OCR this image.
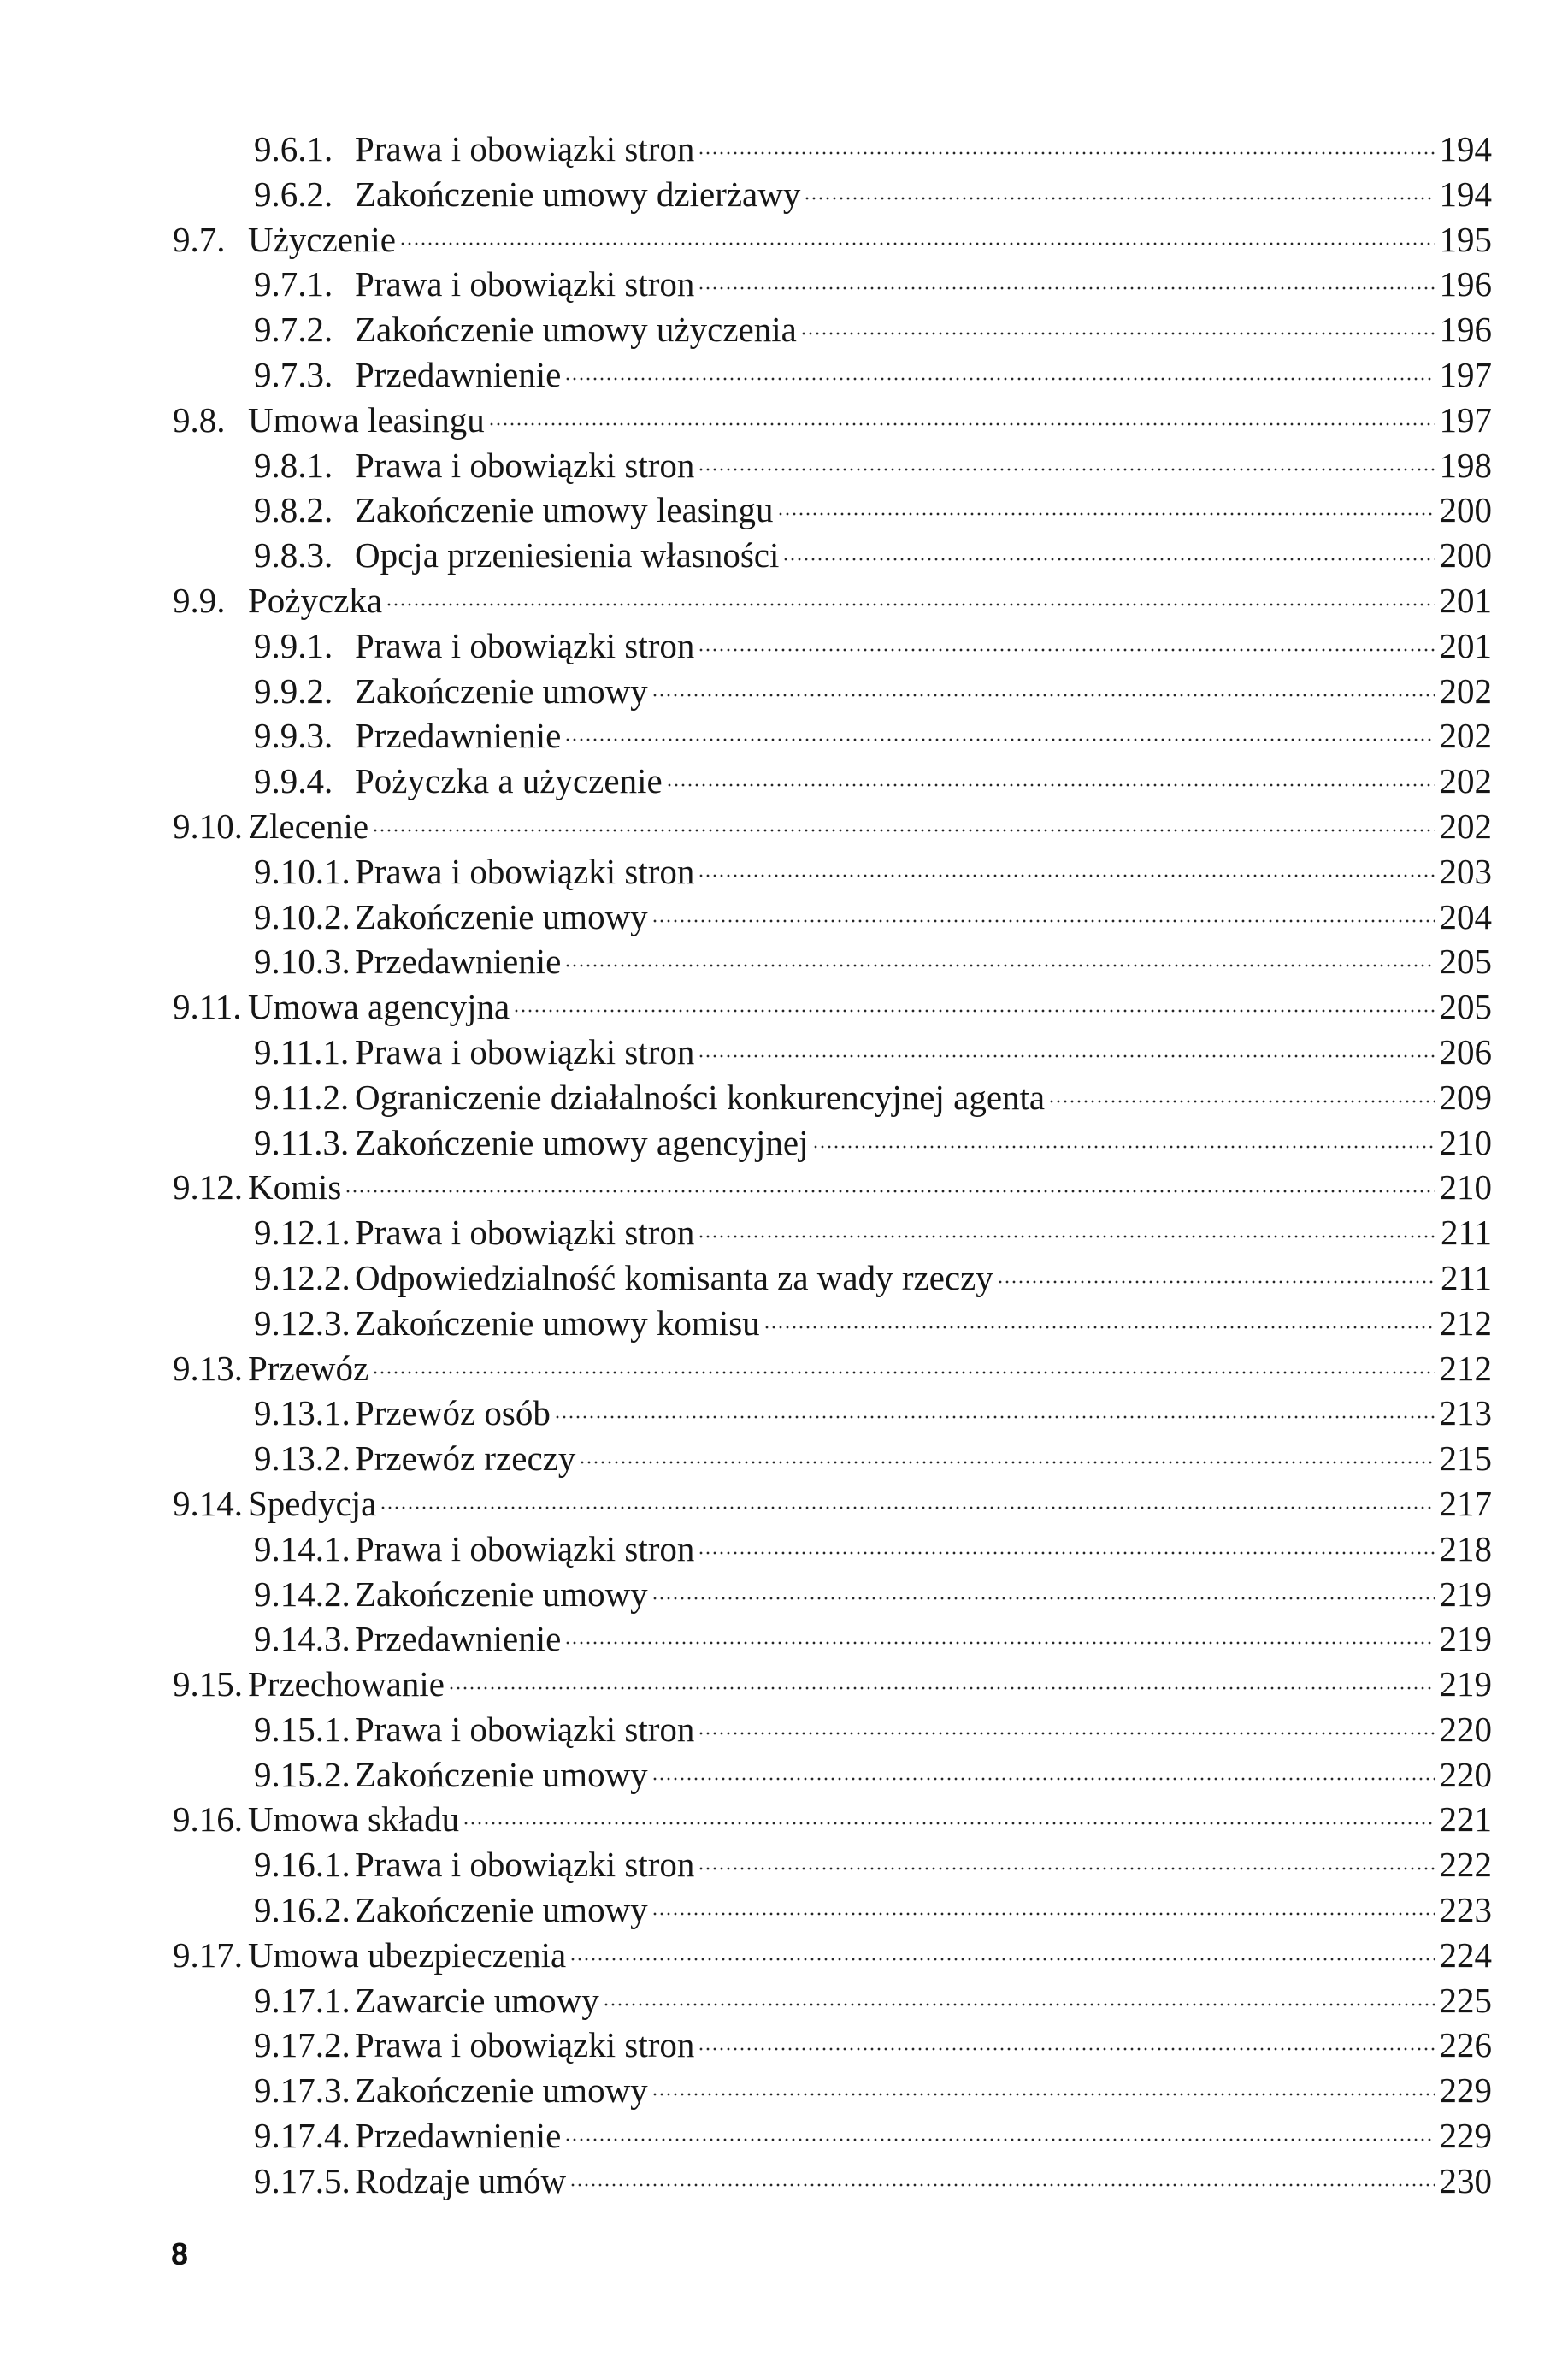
9.6.1. Prawa i obowiązki stron	194
9.6.2. Zakończenie umowy dzierżawy	194
9.7. Użyczenie	195
9.7.1. Prawa i obowiązki stron	196
9.7.2. Zakończenie umowy użyczenia	196
9.7.3. Przedawnienie	197
9.8. Umowa leasingu	197
9.8.1. Prawa i obowiązki stron	198
9.8.2. Zakończenie umowy leasingu	200
9.8.3. Opcja przeniesienia własności	200
9.9. Pożyczka	201
9.9.1. Prawa i obowiązki stron	201
9.9.2. Zakończenie umowy	202
9.9.3. Przedawnienie	202
9.9.4. Pożyczka a użyczenie	202
9.10. Zlecenie	202
9.10.1. Prawa i obowiązki stron	203
9.10.2. Zakończenie umowy	204
9.10.3. Przedawnienie	205
9.11. Umowa agencyjna	205
9.11.1. Prawa i obowiązki stron	206
9.11.2. Ograniczenie działalności konkurencyjnej agenta	209
9.11.3. Zakończenie umowy agencyjnej	210
9.12. Komis	210
9.12.1. Prawa i obowiązki stron	211
9.12.2. Odpowiedzialność komisanta za wady rzeczy	211
9.12.3. Zakończenie umowy komisu	212
9.13. Przewóz	212
9.13.1. Przewóz osób	213
9.13.2. Przewóz rzeczy	215
9.14. Spedycja	217
9.14.1. Prawa i obowiązki stron	218
9.14.2. Zakończenie umowy	219
9.14.3. Przedawnienie	219
9.15. Przechowanie	219
9.15.1. Prawa i obowiązki stron	220
9.15.2. Zakończenie umowy	220
9.16. Umowa składu	221
9.16.1. Prawa i obowiązki stron	222
9.16.2. Zakończenie umowy	223
9.17. Umowa ubezpieczenia	224
9.17.1. Zawarcie umowy	225
9.17.2. Prawa i obowiązki stron	226
9.17.3. Zakończenie umowy	229
9.17.4. Przedawnienie	229
9.17.5. Rodzaje umów	230
8
